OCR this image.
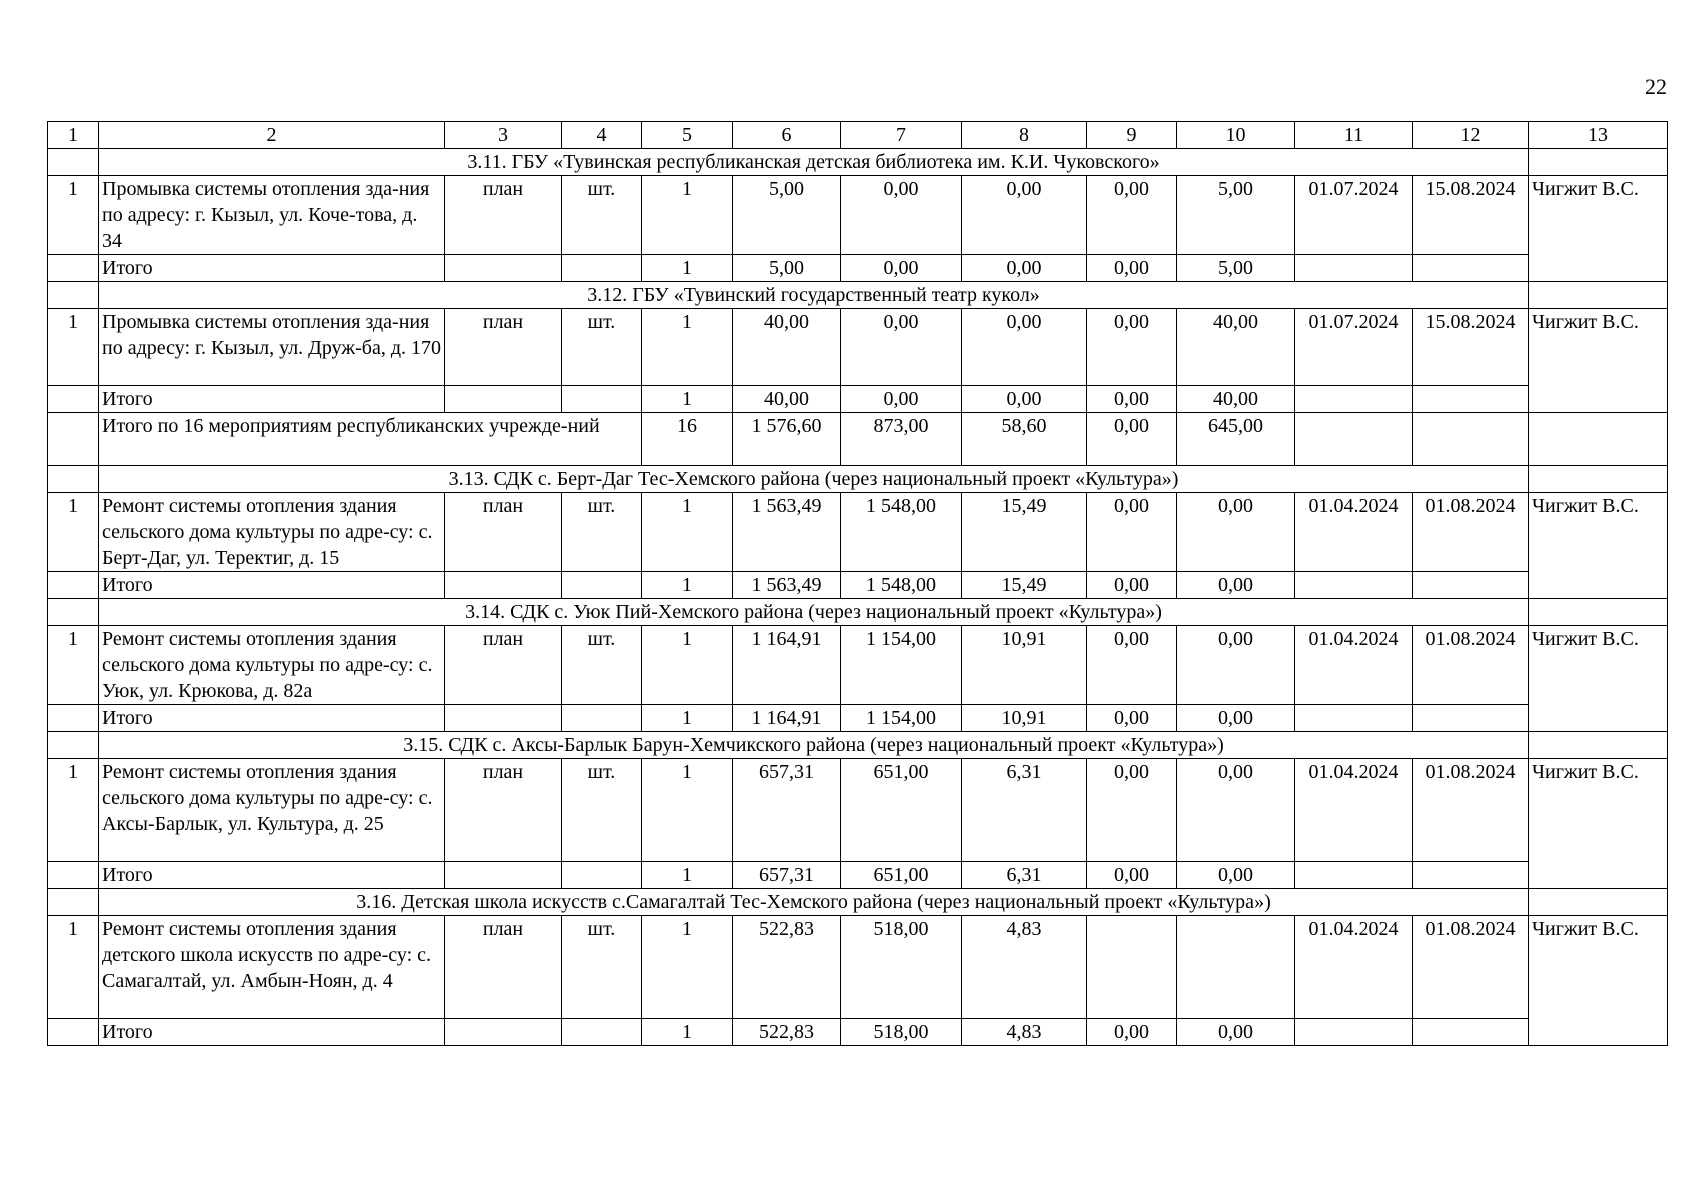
22
1	2	3	4	5	6	7	8	9	10	11	12	13
	3.11. ГБУ «Тувинская республиканская детская библиотека им. К.И. Чуковского»											
1	Промывка системы отопления зда-ния по адресу: г. Кызыл, ул. Коче-това, д. 34	план	шт.	1	5,00	0,00	0,00	0,00	5,00	01.07.2024	15.08.2024	Чигжит В.С.
	Итого			1	5,00	0,00	0,00	0,00	5,00			
	3.12. ГБУ «Тувинский государственный театр кукол»											
1	Промывка системы отопления зда-ния по адресу: г. Кызыл, ул. Друж-ба, д. 170	план	шт.	1	40,00	0,00	0,00	0,00	40,00	01.07.2024	15.08.2024	Чигжит В.С.
	Итого			1	40,00	0,00	0,00	0,00	40,00			
	Итого по 16 мероприятиям республиканских учрежде-ний			16	1 576,60	873,00	58,60	0,00	645,00			
	3.13. СДК с. Берт-Даг Тес-Хемского района (через национальный проект «Культура»)											
1	Ремонт системы отопления здания сельского дома культуры по адре-су: с. Берт-Даг, ул. Теректиг, д. 15	план	шт.	1	1 563,49	1 548,00	15,49	0,00	0,00	01.04.2024	01.08.2024	Чигжит В.С.
	Итого			1	1 563,49	1 548,00	15,49	0,00	0,00			
	3.14. СДК с. Уюк Пий-Хемского района (через национальный проект «Культура»)											
1	Ремонт системы отопления здания сельского дома культуры по адре-су: с. Уюк, ул. Крюкова, д. 82а	план	шт.	1	1 164,91	1 154,00	10,91	0,00	0,00	01.04.2024	01.08.2024	Чигжит В.С.
	Итого			1	1 164,91	1 154,00	10,91	0,00	0,00			
	3.15. СДК с. Аксы-Барлык Барун-Хемчикского района (через национальный проект «Культура»)											
1	Ремонт системы отопления здания сельского дома культуры по адре-су: с. Аксы-Барлык, ул. Культура, д. 25	план	шт.	1	657,31	651,00	6,31	0,00	0,00	01.04.2024	01.08.2024	Чигжит В.С.
	Итого			1	657,31	651,00	6,31	0,00	0,00			
	3.16. Детская школа искусств с.Самагалтай Тес-Хемского района (через национальный проект «Культура»)											
1	Ремонт системы отопления здания детского школа искусств по адре-су: с. Самагалтай, ул. Амбын-Ноян, д. 4	план	шт.	1	522,83	518,00	4,83			01.04.2024	01.08.2024	Чигжит В.С.
	Итого			1	522,83	518,00	4,83	0,00	0,00			
